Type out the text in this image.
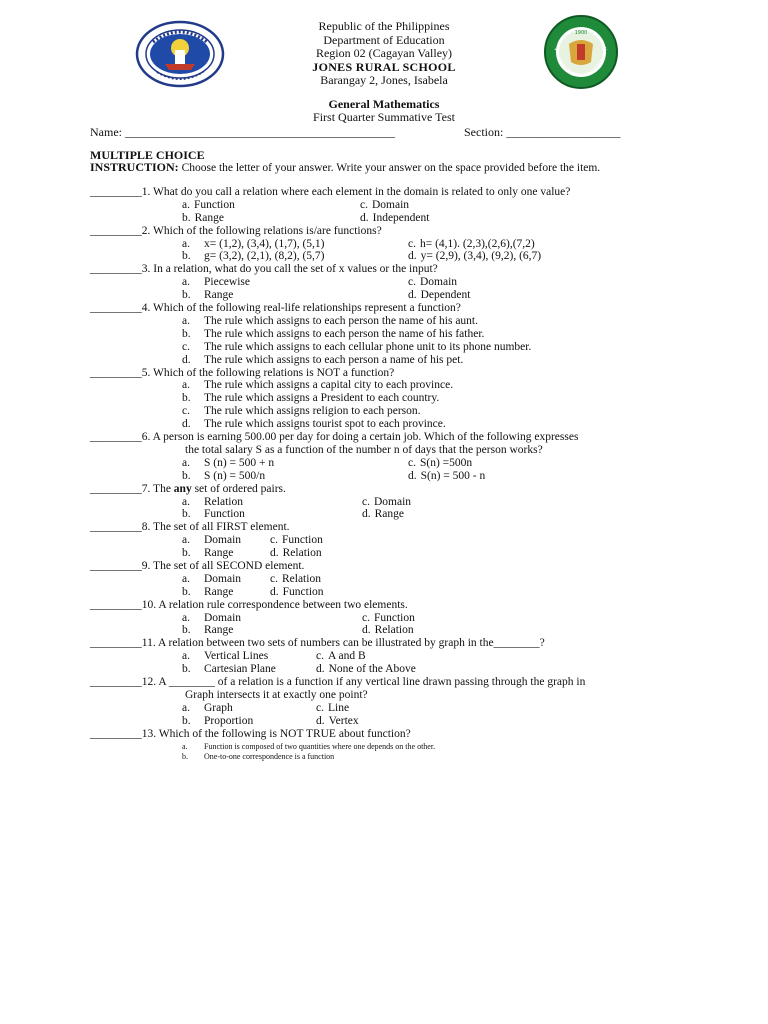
1900
Republic of the Philippines
Department of Education
Region 02 (Cagayan Valley)
JONES RURAL SCHOOL
Barangay 2, Jones, Isabela
General Mathematics
First Quarter Summative Test
Name: _____________________________________________	Section: ___________________
MULTIPLE CHOICE
INSTRUCTION: Choose the letter of your answer. Write your answer on the space provided before the item.
_________1. What do you call a relation where each element in the domain is related to only one value?
a. Function	c. Domain
b. Range	d. Independent
_________2. Which of the following relations is/are functions?
a. x= (1,2), (3,4), (1,7), (5,1)	c. h= (4,1). (2,3),(2,6),(7,2)
b. g= (3,2), (2,1), (8,2), (5,7)	d. y= (2,9), (3,4), (9,2), (6,7)
_________3. In a relation, what do you call the set of x values or the input?
a. Piecewise	c. Domain
b. Range	d. Dependent
_________4. Which of the following real-life relationships represent a function?
a. The rule which assigns to each person the name of his aunt.
b. The rule which assigns to each person the name of his father.
c. The rule which assigns to each cellular phone unit to its phone number.
d. The rule which assigns to each person a name of his pet.
_________5. Which of the following relations is NOT a function?
a. The rule which assigns a capital city to each province.
b. The rule which assigns a President to each country.
c. The rule which assigns religion to each person.
d. The rule which assigns tourist spot to each province.
_________6. A person is earning 500.00 per day for doing a certain job. Which of the following expresses
the total salary S as a function of the number n of days that the person works?
a. S (n) = 500 + n	c. S(n) =500n
b. S (n) = 500/n	d. S(n) = 500 - n
_________7. The any set of ordered pairs.
a. Relation	c. Domain
b. Function	d. Range
_________8. The set of all FIRST element.
a. Domain	c. Function
b. Range	d. Relation
_________9. The set of all SECOND element.
a. Domain	c. Relation
b. Range	d. Function
_________10. A relation rule correspondence between two elements.
a. Domain	c. Function
b. Range	d. Relation
_________11. A relation between two sets of numbers can be illustrated by graph in the________?
a. Vertical Lines	c. A and B
b. Cartesian Plane	d. None of the Above
_________12. A ________ of a relation is a function if any vertical line drawn passing through the graph in
Graph intersects it at exactly one point?
a. Graph	c. Line
b. Proportion	d. Vertex
_________13. Which of the following is NOT TRUE about function?
a. Function is composed of two quantities where one depends on the other.
b. One-to-one correspondence is a function
